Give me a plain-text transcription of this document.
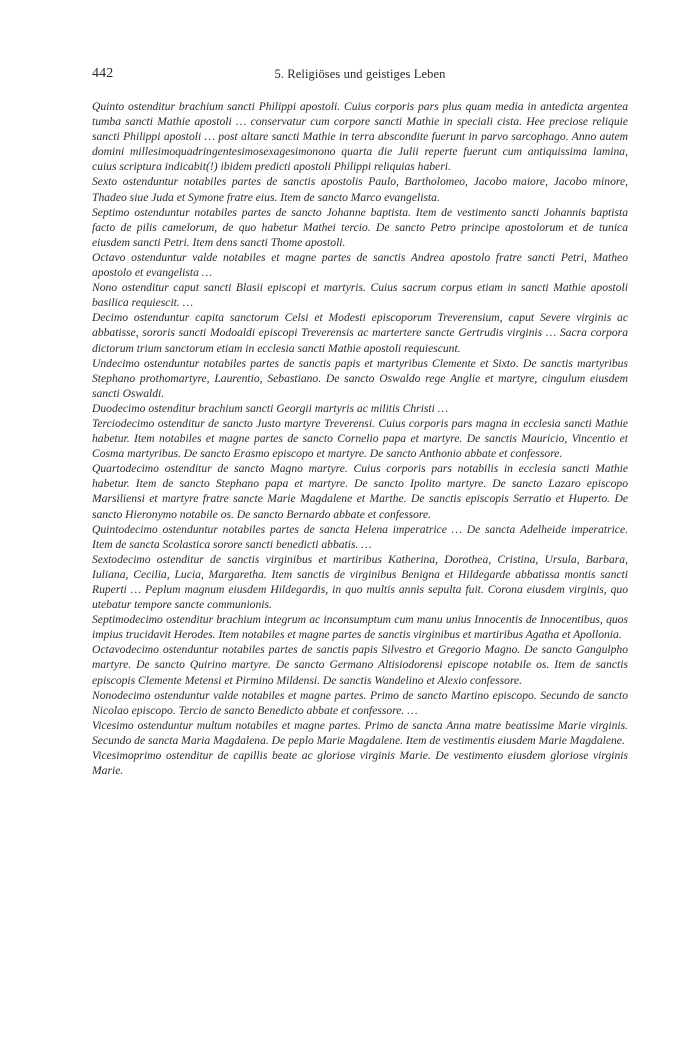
442	5. Religiöses und geistiges Leben

Quinto ostenditur brachium sancti Philippi apostoli. Cuius corporis pars plus quam media in antedicta argentea tumba sancti Mathie apostoli … conservatur cum corpore sancti Mathie in speciali cista. Hee preciose reliquie sancti Philippi apostoli … post altare sancti Mathie in terra abscondite fuerunt in parvo sarcophago. Anno autem domini millesimoquadringentesimosexagesimonono quarta die Julii reperte fuerunt cum antiquissima lamina, cuius scriptura indicabit(!) ibidem predicti apostoli Philippi reliquias haberi.

Sexto ostenduntur notabiles partes de sanctis apostolis Paulo, Bartholomeo, Jacobo maiore, Jacobo minore, Thadeo siue Juda et Symone fratre eius. Item de sancto Marco evangelista.

Septimo ostenduntur notabiles partes de sancto Johanne baptista. Item de vestimento sancti Johannis baptista facto de pilis camelorum, de quo habetur Mathei tercio. De sancto Petro principe apostolorum et de tunica eiusdem sancti Petri. Item dens sancti Thome apostoli.

Octavo ostenduntur valde notabiles et magne partes de sanctis Andrea apostolo fratre sancti Petri, Matheo apostolo et evangelista …

Nono ostenditur caput sancti Blasii episcopi et martyris. Cuius sacrum corpus etiam in sancti Mathie apostoli basilica requiescit. …

Decimo ostenduntur capita sanctorum Celsi et Modesti episcoporum Treverensium, caput Severe virginis ac abbatisse, sororis sancti Modoaldi episcopi Treverensis ac martertere sancte Gertrudis virginis … Sacra corpora dictorum trium sanctorum etiam in ecclesia sancti Mathie apostoli requiescunt.

Undecimo ostenduntur notabiles partes de sanctis papis et martyribus Clemente et Sixto. De sanctis martyribus Stephano prothomartyre, Laurentio, Sebastiano. De sancto Oswaldo rege Anglie et martyre, cingulum eiusdem sancti Oswaldi.

Duodecimo ostenditur brachium sancti Georgii martyris ac militis Christi …

Terciodecimo ostenditur de sancto Justo martyre Treverensi. Cuius corporis pars magna in ecclesia sancti Mathie habetur. Item notabiles et magne partes de sancto Cornelio papa et martyre. De sanctis Mauricio, Vincentio et Cosma martyribus. De sancto Erasmo episcopo et martyre. De sancto Anthonio abbate et confessore.

Quartodecimo ostenditur de sancto Magno martyre. Cuius corporis pars notabilis in ecclesia sancti Mathie habetur. Item de sancto Stephano papa et martyre. De sancto Ipolito martyre. De sancto Lazaro episcopo Marsiliensi et martyre fratre sancte Marie Magdalene et Marthe. De sanctis episcopis Serratio et Huperto. De sancto Hieronymo notabile os. De sancto Bernardo abbate et confessore.

Quintodecimo ostenduntur notabiles partes de sancta Helena imperatrice … De sancta Adelheide imperatrice. Item de sancta Scolastica sorore sancti benedicti abbatis. …

Sextodecimo ostenditur de sanctis virginibus et martiribus Katherina, Dorothea, Cristina, Ursula, Barbara, Iuliana, Cecilia, Lucia, Margaretha. Item sanctis de virginibus Benigna et Hildegarde abbatissa montis sancti Ruperti … Peplum magnum eiusdem Hildegardis, in quo multis annis sepulta fuit. Corona eiusdem virginis, quo utebatur tempore sancte communionis.

Septimodecimo ostenditur brachium integrum ac inconsumptum cum manu unius Innocentis de Innocentibus, quos impius trucidavit Herodes. Item notabiles et magne partes de sanctis virginibus et martiribus Agatha et Apollonia.

Octavodecimo ostenduntur notabiles partes de sanctis papis Silvestro et Gregorio Magno. De sancto Gangulpho martyre. De sancto Quirino martyre. De sancto Germano Altisiodorensi episcope notabile os. Item de sanctis episcopis Clemente Metensi et Pirmino Mildensi. De sanctis Wandelino et Alexio confessore.

Nonodecimo ostenduntur valde notabiles et magne partes. Primo de sancto Martino episcopo. Secundo de sancto Nicolao episcopo. Tercio de sancto Benedicto abbate et confessore. …

Vicesimo ostenduntur multum notabiles et magne partes. Primo de sancta Anna matre beatissime Marie virginis. Secundo de sancta Maria Magdalena. De peplo Marie Magdalene. Item de vestimentis eiusdem Marie Magdalene.

Vicesimoprimo ostenditur de capillis beate ac gloriose virginis Marie. De vestimento eiusdem gloriose virginis Marie.
